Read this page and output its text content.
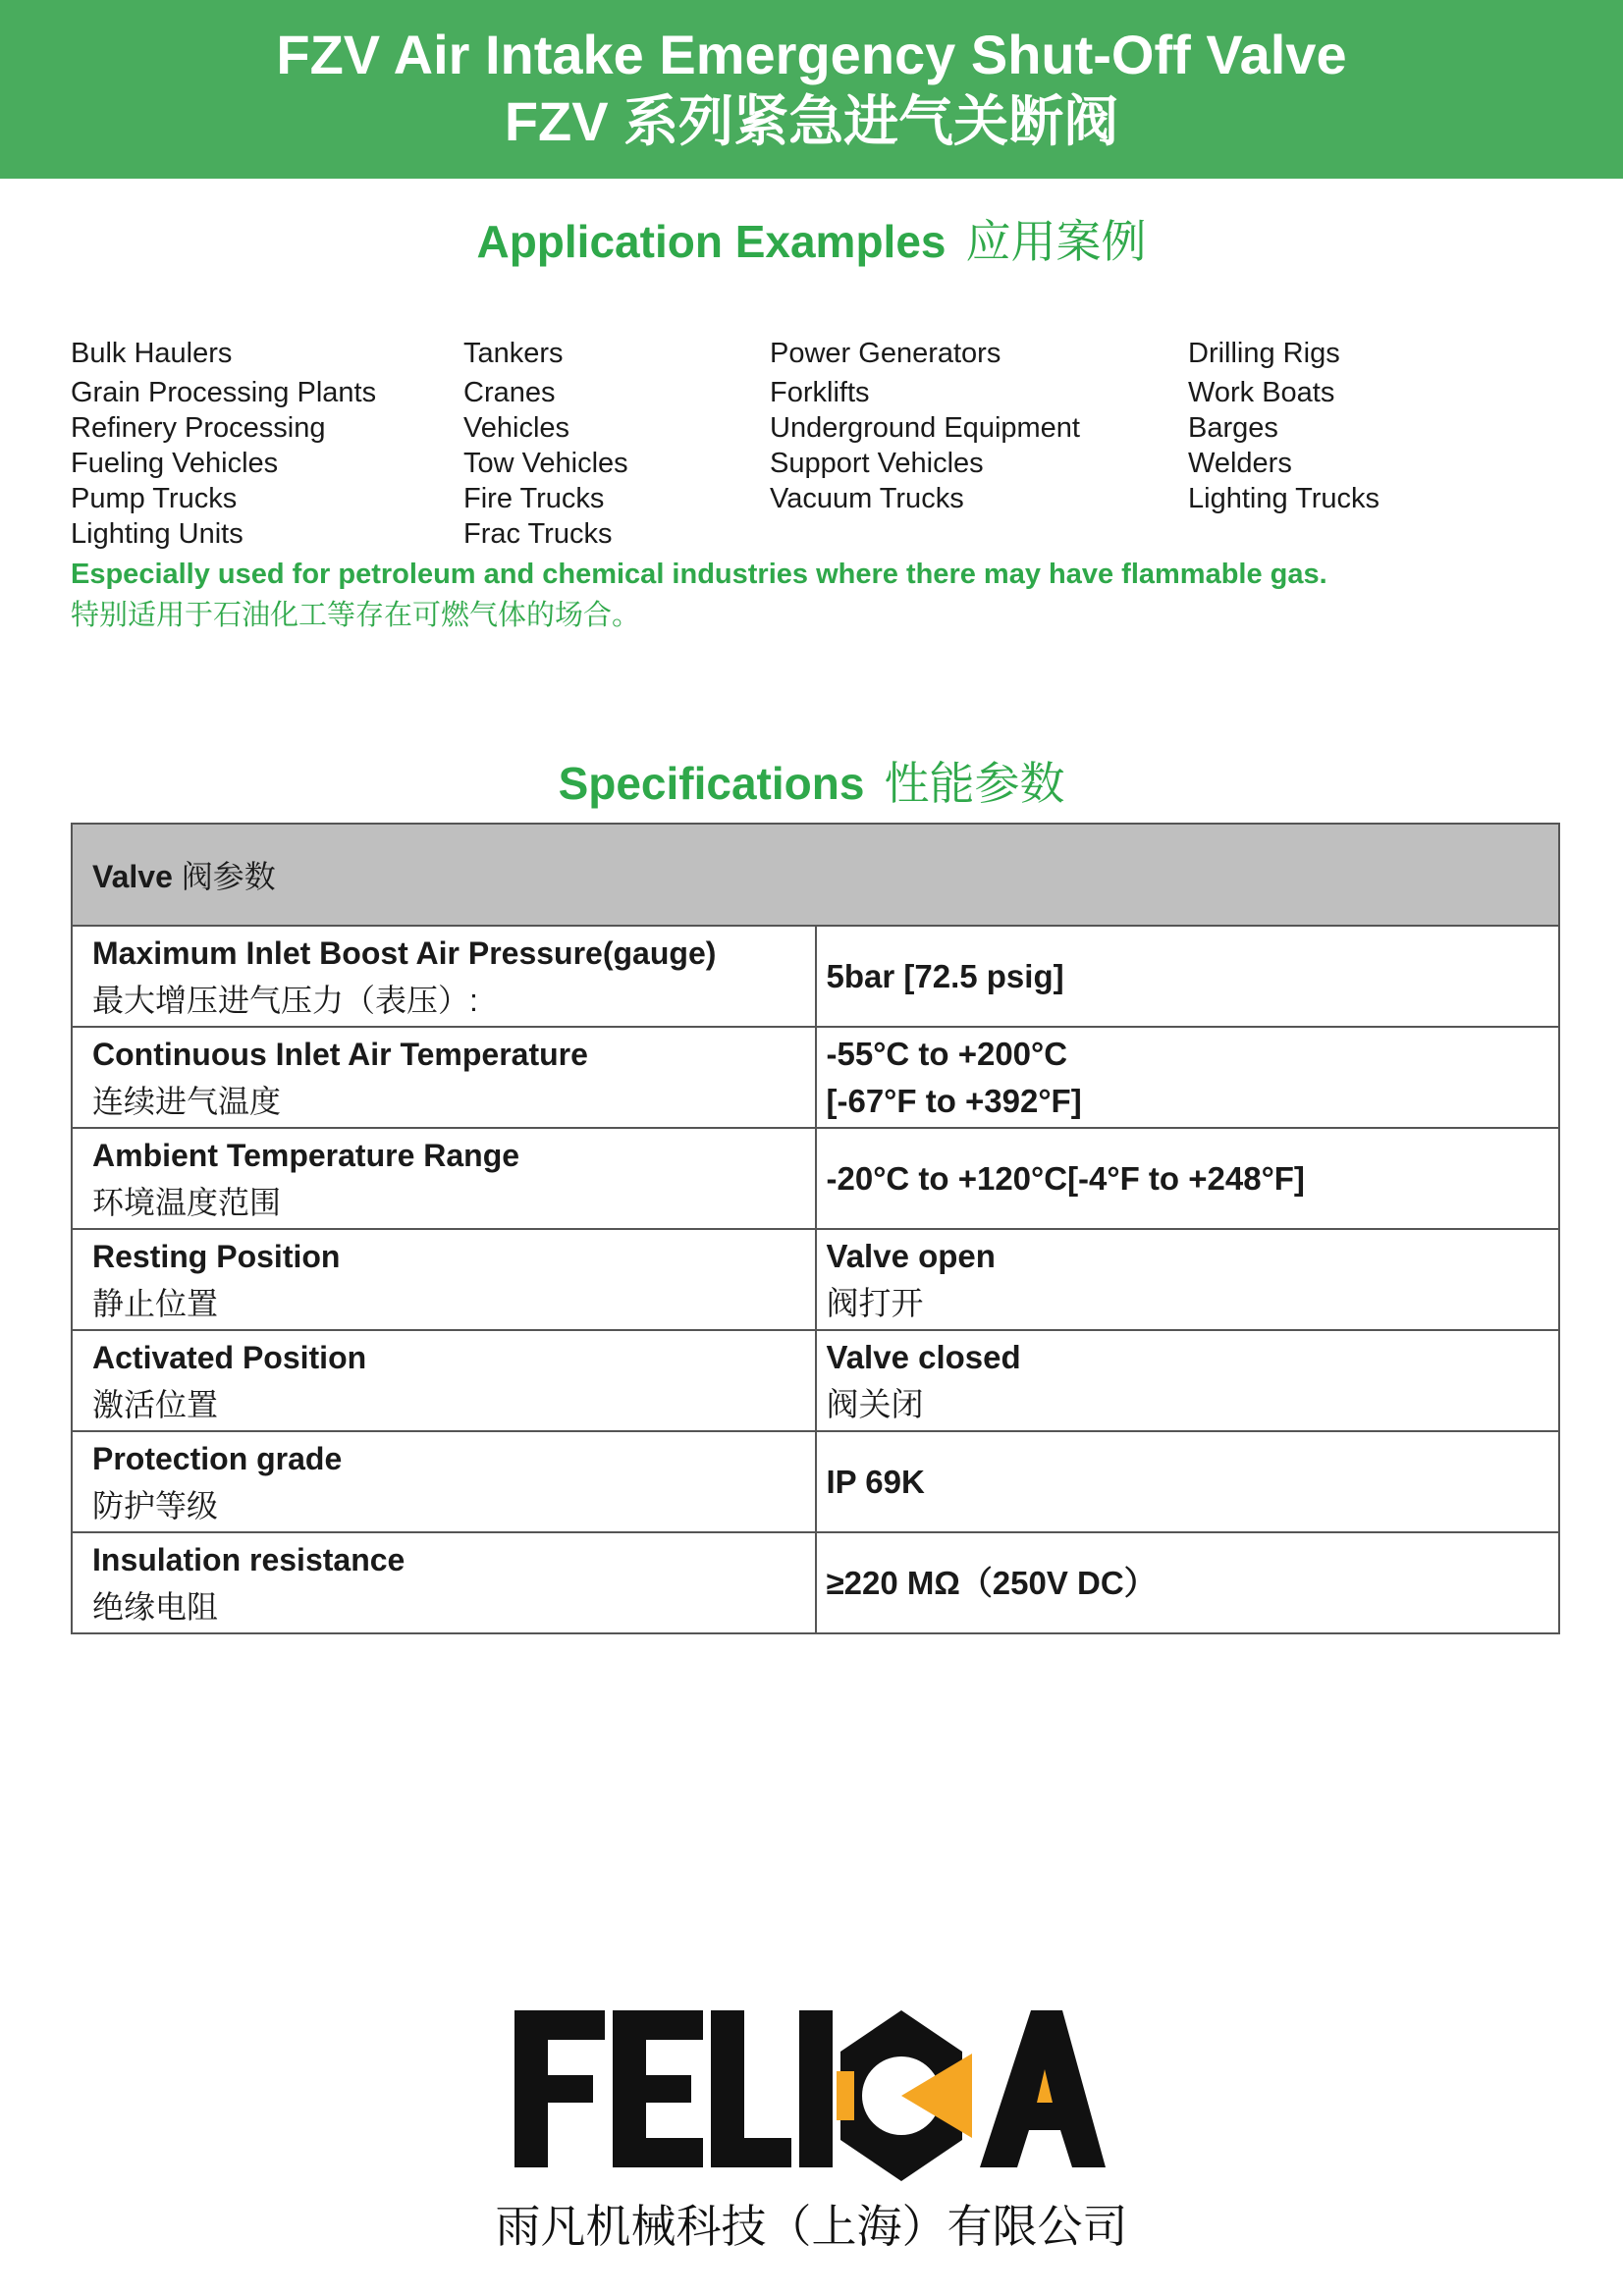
FZV Air Intake Emergency Shut-Off Valve
FZV 系列紧急进气关断阀
Application Examples 应用案例
Bulk Haulers
Grain Processing Plants
Refinery Processing
Fueling Vehicles
Pump Trucks
Lighting Units
Tankers
Cranes
Vehicles
Tow Vehicles
Fire Trucks
Frac Trucks
Power Generators
Forklifts
Underground Equipment
Support Vehicles
Vacuum Trucks
Drilling Rigs
Work Boats
Barges
Welders
Lighting Trucks
Especially used for petroleum and chemical industries where there may have flammable gas.
特别适用于石油化工等存在可燃气体的场合。
Specifications 性能参数
Valve 阀参数	

Maximum Inlet Boost Air Pressure(gauge)
最大增压进气压力（表压）:	5bar [72.5 psig]

Continuous Inlet Air Temperature
连续进气温度	-55°C to +200°C
[-67°F to +392°F]

Ambient Temperature Range
环境温度范围	-20°C to +120°C[-4°F to +248°F]

Resting Position
静止位置	Valve open
阀打开

Activated Position
激活位置	Valve closed
阀关闭

Protection grade
防护等级	IP 69K

Insulation resistance
绝缘电阻	≥220 MΩ（250V DC）
雨凡机械科技（上海）有限公司
